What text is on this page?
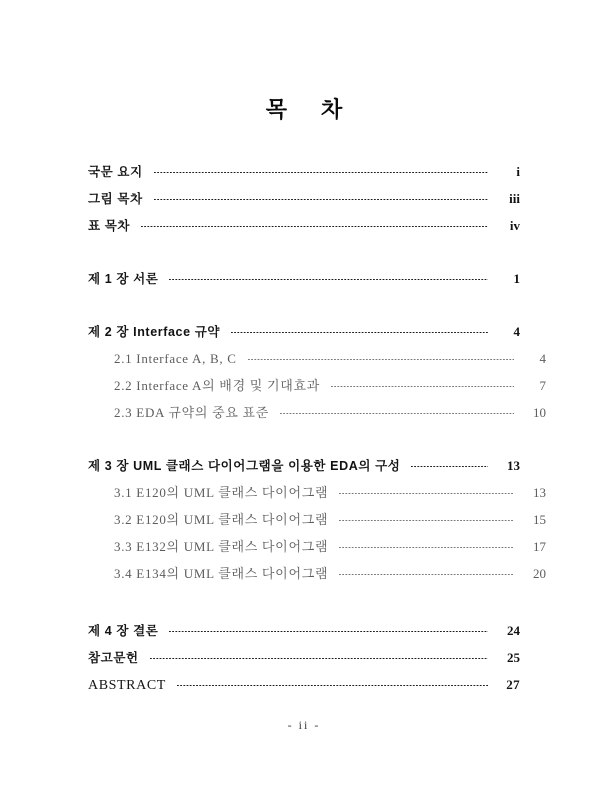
목 차
국문 요지	i
그림 목차	iii
표 목차	iv
제 1 장 서론	1
제 2 장 Interface 규약	4
2.1 Interface A, B, C	4
2.2 Interface A의 배경 및 기대효과	7
2.3 EDA 규약의 중요 표준	10
제 3 장 UML 클래스 다이어그램을 이용한 EDA의 구성	13
3.1 E120의 UML 클래스 다이어그램	13
3.2 E120의 UML 클래스 다이어그램	15
3.3 E132의 UML 클래스 다이어그램	17
3.4 E134의 UML 클래스 다이어그램	20
제 4 장 결론	24
참고문헌	25
ABSTRACT	27
- ii -
